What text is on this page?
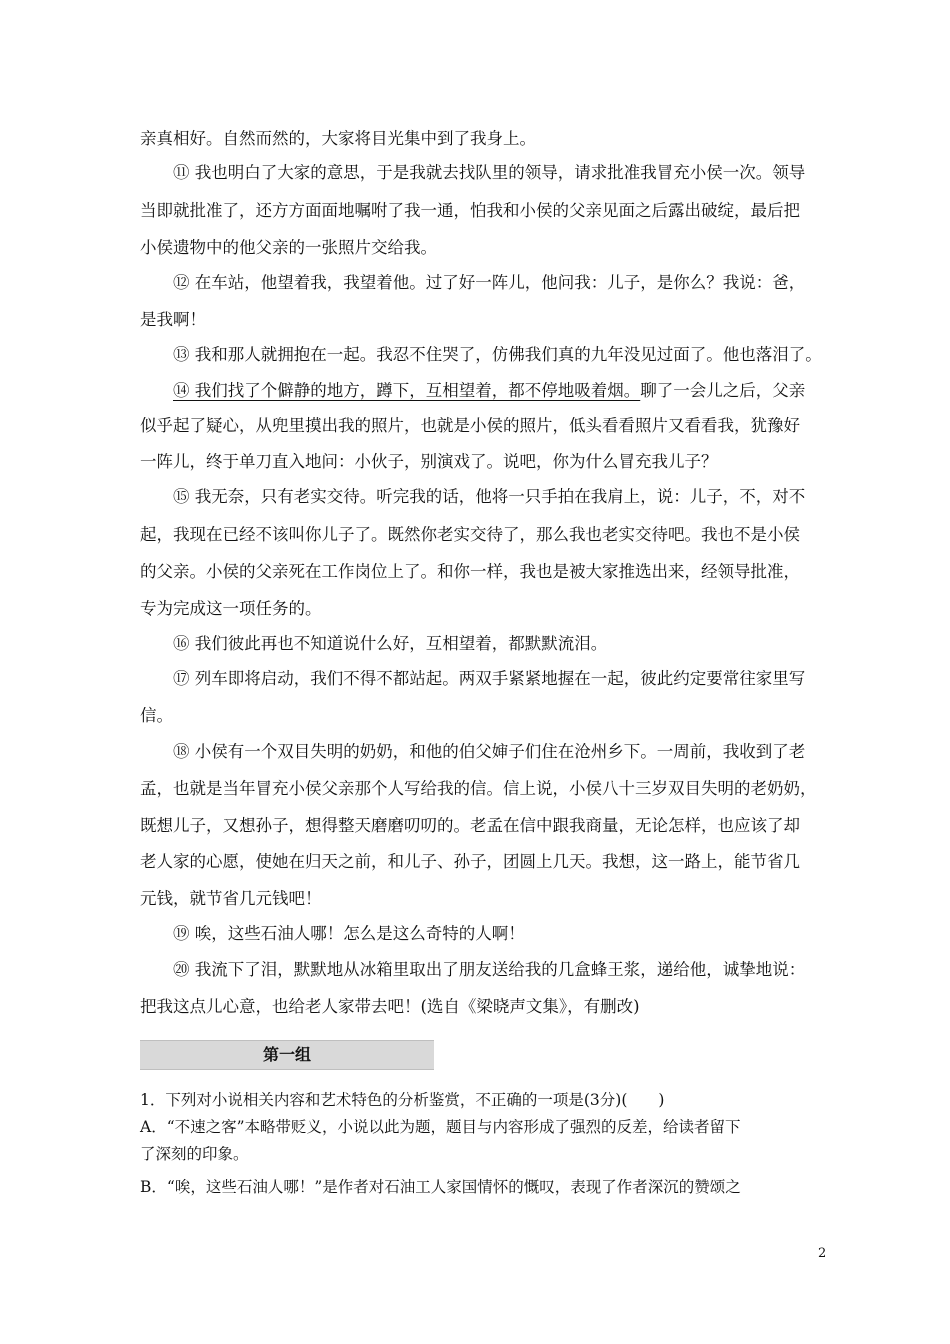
亲真相好。自然而然的，大家将目光集中到了我身上。
⑪ 我也明白了大家的意思，于是我就去找队里的领导，请求批准我冒充小侯一次。领导
当即就批准了，还方方面面地嘱咐了我一通，怕我和小侯的父亲见面之后露出破绽，最后把
小侯遗物中的他父亲的一张照片交给我。
⑫ 在车站，他望着我，我望着他。过了好一阵儿，他问我：儿子，是你么？我说：爸，
是我啊！
⑬ 我和那人就拥抱在一起。我忍不住哭了，仿佛我们真的九年没见过面了。他也落泪了。
⑭ 我们找了个僻静的地方，蹲下，互相望着，都不停地吸着烟。聊了一会儿之后，父亲
似乎起了疑心，从兜里摸出我的照片，也就是小侯的照片，低头看看照片又看看我，犹豫好
一阵儿，终于单刀直入地问：小伙子，别演戏了。说吧，你为什么冒充我儿子？
⑮ 我无奈，只有老实交待。听完我的话，他将一只手拍在我肩上，说：儿子，不，对不
起，我现在已经不该叫你儿子了。既然你老实交待了，那么我也老实交待吧。我也不是小侯
的父亲。小侯的父亲死在工作岗位上了。和你一样，我也是被大家推选出来，经领导批准，
专为完成这一项任务的。
⑯ 我们彼此再也不知道说什么好，互相望着，都默默流泪。
⑰ 列车即将启动，我们不得不都站起。两双手紧紧地握在一起，彼此约定要常往家里写
信。
⑱ 小侯有一个双目失明的奶奶，和他的伯父婶子们住在沧州乡下。一周前，我收到了老
孟，也就是当年冒充小侯父亲那个人写给我的信。信上说，小侯八十三岁双目失明的老奶奶，
既想儿子，又想孙子，想得整天磨磨叨叨的。老孟在信中跟我商量，无论怎样，也应该了却
老人家的心愿，使她在归天之前，和儿子、孙子，团圆上几天。我想，这一路上，能节省几
元钱，就节省几元钱吧！
⑲ 唉，这些石油人哪！怎么是这么奇特的人啊！
⑳ 我流下了泪，默默地从冰箱里取出了朋友送给我的几盒蜂王浆，递给他，诚挚地说：
把我这点儿心意，也给老人家带去吧！(选自《梁晓声文集》，有删改)
第一组
1．下列对小说相关内容和艺术特色的分析鉴赏，不正确的一项是(3分)(　　)
A．“不速之客”本略带贬义，小说以此为题，题目与内容形成了强烈的反差，给读者留下
了深刻的印象。
B．“唉，这些石油人哪！”是作者对石油工人家国情怀的慨叹，表现了作者深沉的赞颂之
2
